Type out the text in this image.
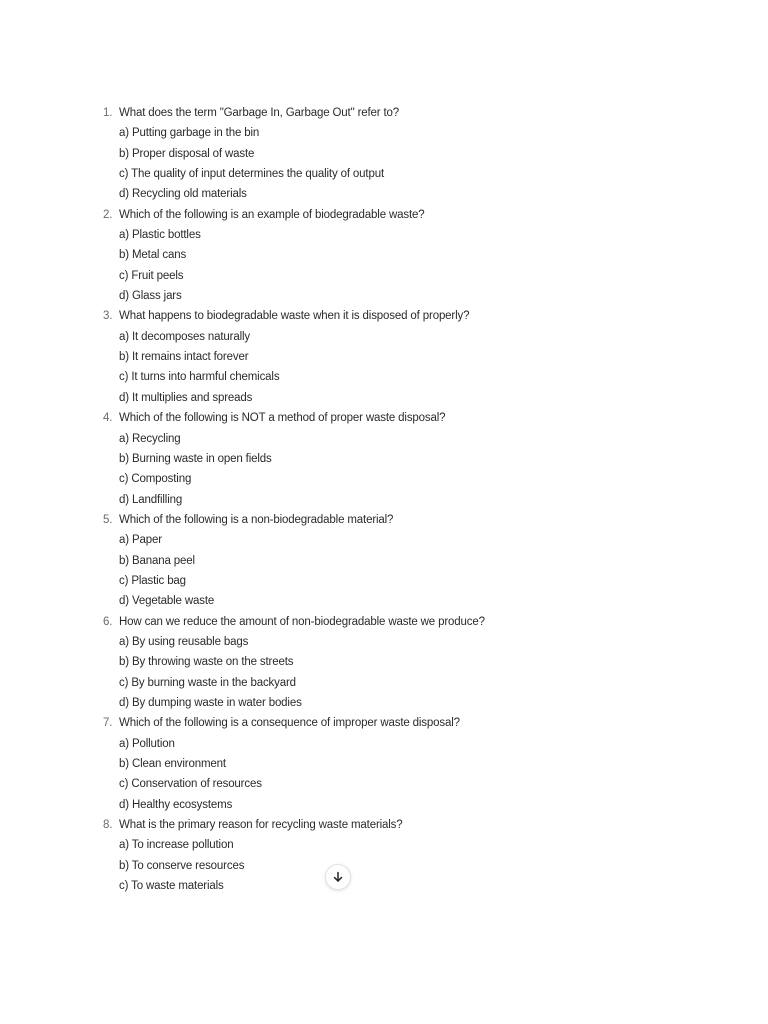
1. What does the term "Garbage In, Garbage Out" refer to?
a) Putting garbage in the bin
b) Proper disposal of waste
c) The quality of input determines the quality of output
d) Recycling old materials
2. Which of the following is an example of biodegradable waste?
a) Plastic bottles
b) Metal cans
c) Fruit peels
d) Glass jars
3. What happens to biodegradable waste when it is disposed of properly?
a) It decomposes naturally
b) It remains intact forever
c) It turns into harmful chemicals
d) It multiplies and spreads
4. Which of the following is NOT a method of proper waste disposal?
a) Recycling
b) Burning waste in open fields
c) Composting
d) Landfilling
5. Which of the following is a non-biodegradable material?
a) Paper
b) Banana peel
c) Plastic bag
d) Vegetable waste
6. How can we reduce the amount of non-biodegradable waste we produce?
a) By using reusable bags
b) By throwing waste on the streets
c) By burning waste in the backyard
d) By dumping waste in water bodies
7. Which of the following is a consequence of improper waste disposal?
a) Pollution
b) Clean environment
c) Conservation of resources
d) Healthy ecosystems
8. What is the primary reason for recycling waste materials?
a) To increase pollution
b) To conserve resources
c) To waste materials
